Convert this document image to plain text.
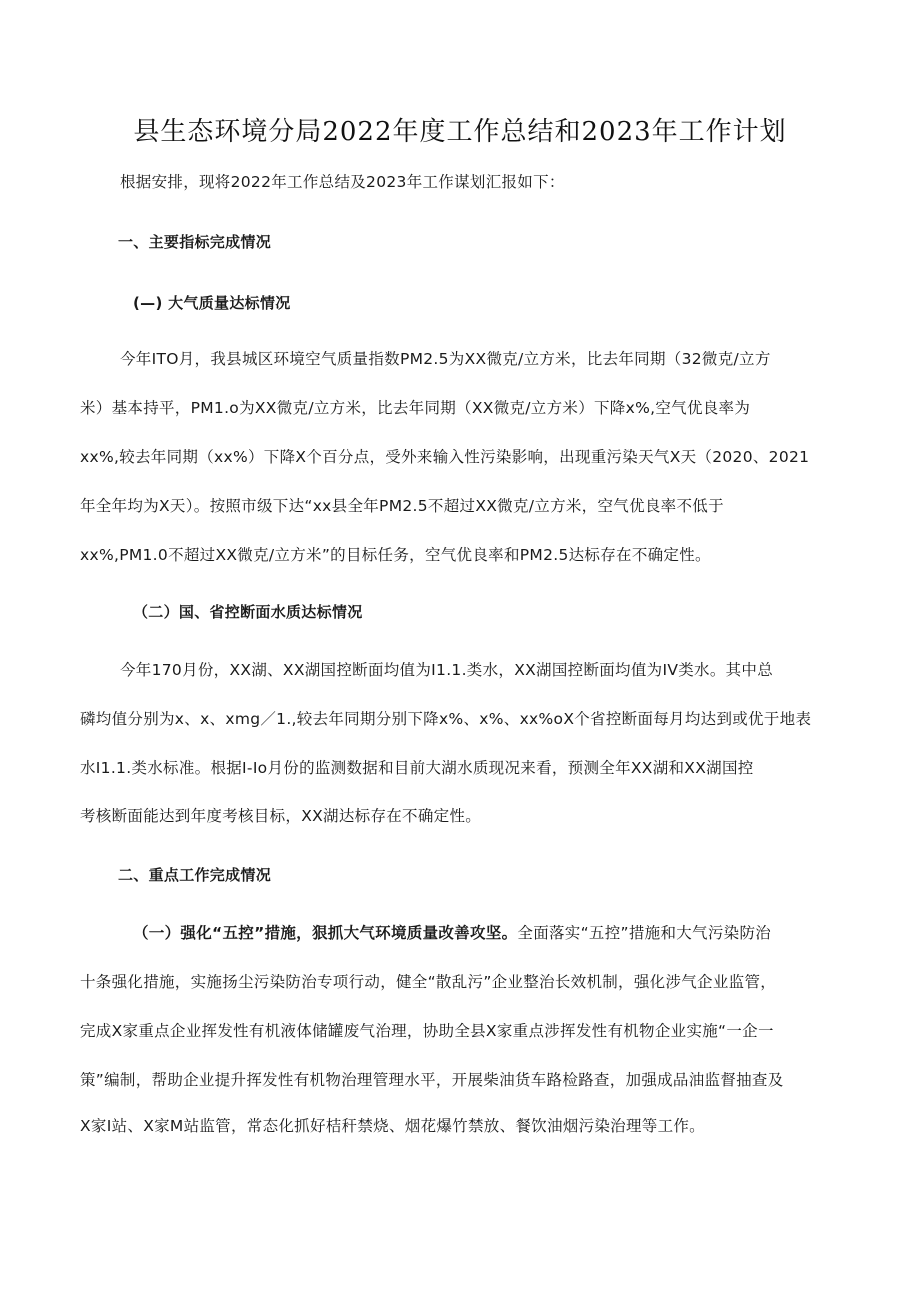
县生态环境分局2022年度工作总结和2023年工作计划
根据安排，现将2022年工作总结及2023年工作谋划汇报如下：
一、主要指标完成情况
(—) 大气质量达标情况
今年ITO月，我县城区环境空气质量指数PM2.5为XX微克/立方米，比去年同期（32微克/立方
米）基本持平，PM1.o为XX微克/立方米，比去年同期（XX微克/立方米）下降x%,空气优良率为
xx%,较去年同期（xx%）下降X个百分点，受外来输入性污染影响，出现重污染天气X天（2020、2021
年全年均为X天）。按照市级下达“xx县全年PM2.5不超过XX微克/立方米，空气优良率不低于
xx%,PM1.0不超过XX微克/立方米”的目标任务，空气优良率和PM2.5达标存在不确定性。
（二）国、省控断面水质达标情况
今年170月份，XX湖、XX湖国控断面均值为I1.1.类水，XX湖国控断面均值为IV类水。其中总
磷均值分别为x、x、xmg／1.,较去年同期分别下降x%、x%、xx%oX个省控断面每月均达到或优于地表
水I1.1.类水标准。根据I-Io月份的监测数据和目前大湖水质现况来看，预测全年XX湖和XX湖国控
考核断面能达到年度考核目标，XX湖达标存在不确定性。
二、重点工作完成情况
（一）强化“五控”措施，狠抓大气环境质量改善攻坚。全面落实“五控”措施和大气污染防治
十条强化措施，实施扬尘污染防治专项行动，健全“散乱污”企业整治长效机制，强化涉气企业监管，
完成X家重点企业挥发性有机液体储罐废气治理，协助全县X家重点涉挥发性有机物企业实施“一企一
策”编制，帮助企业提升挥发性有机物治理管理水平，开展柴油货车路检路查，加强成品油监督抽查及
X家I站、X家M站监管，常态化抓好桔秆禁烧、烟花爆竹禁放、餐饮油烟污染治理等工作。
